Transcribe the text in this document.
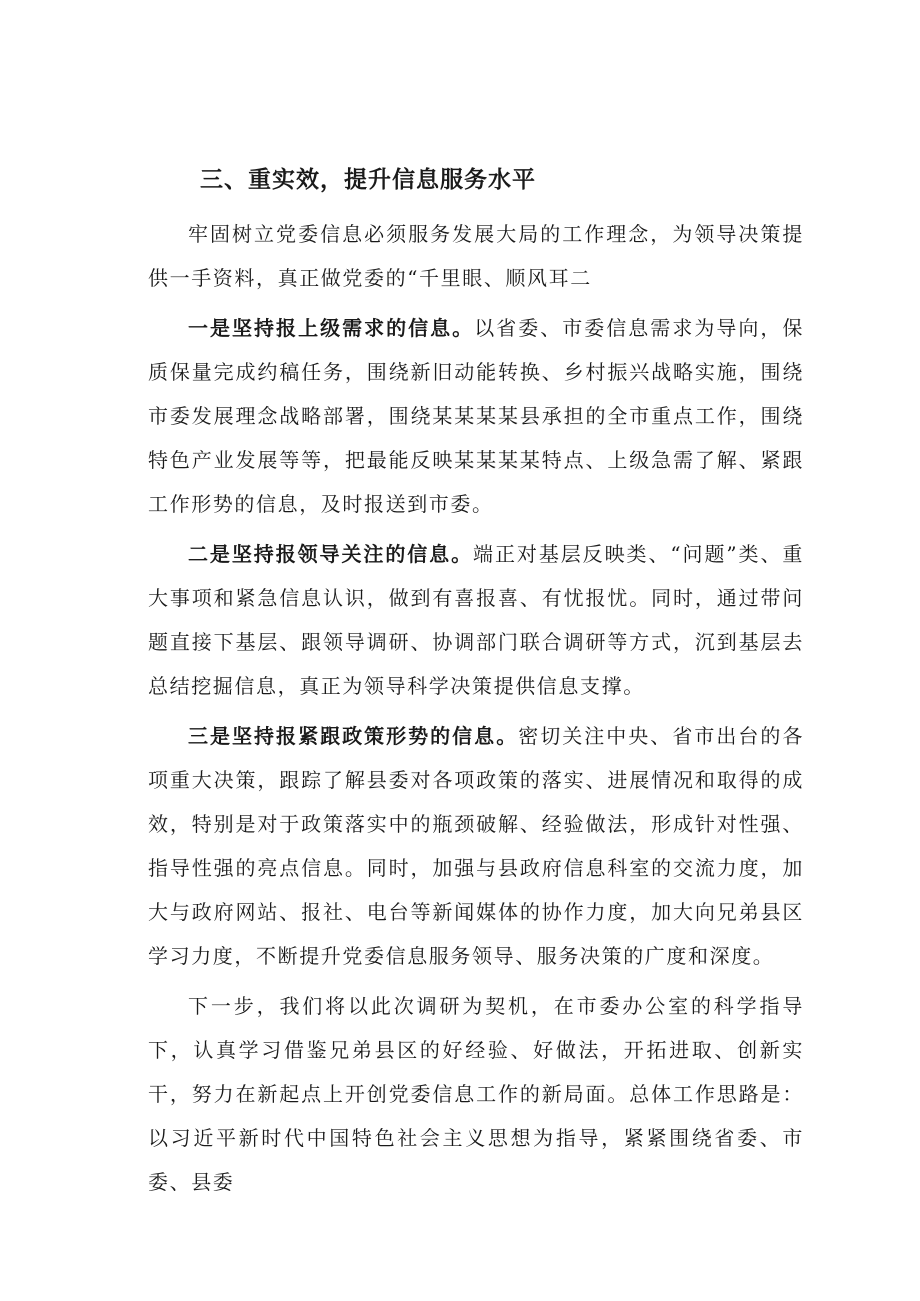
三、重实效，提升信息服务水平

牢固树立党委信息必须服务发展大局的工作理念，为领导决策提供一手资料，真正做党委的“千里眼、顺风耳二

一是坚持报上级需求的信息。以省委、市委信息需求为导向，保质保量完成约稿任务，围绕新旧动能转换、乡村振兴战略实施，围绕市委发展理念战略部署，围绕某某某某县承担的全市重点工作，围绕特色产业发展等等，把最能反映某某某某特点、上级急需了解、紧跟工作形势的信息，及时报送到市委。

二是坚持报领导关注的信息。端正对基层反映类、“问题”类、重大事项和紧急信息认识，做到有喜报喜、有忧报忧。同时，通过带问题直接下基层、跟领导调研、协调部门联合调研等方式，沉到基层去总结挖掘信息，真正为领导科学决策提供信息支撑。

三是坚持报紧跟政策形势的信息。密切关注中央、省市出台的各项重大决策，跟踪了解县委对各项政策的落实、进展情况和取得的成效，特别是对于政策落实中的瓶颈破解、经验做法，形成针对性强、指导性强的亮点信息。同时，加强与县政府信息科室的交流力度，加大与政府网站、报社、电台等新闻媒体的协作力度，加大向兄弟县区学习力度，不断提升党委信息服务领导、服务决策的广度和深度。

下一步，我们将以此次调研为契机，在市委办公室的科学指导下，认真学习借鉴兄弟县区的好经验、好做法，开拓进取、创新实干，努力在新起点上开创党委信息工作的新局面。总体工作思路是：以习近平新时代中国特色社会主义思想为指导，紧紧围绕省委、市委、县委
